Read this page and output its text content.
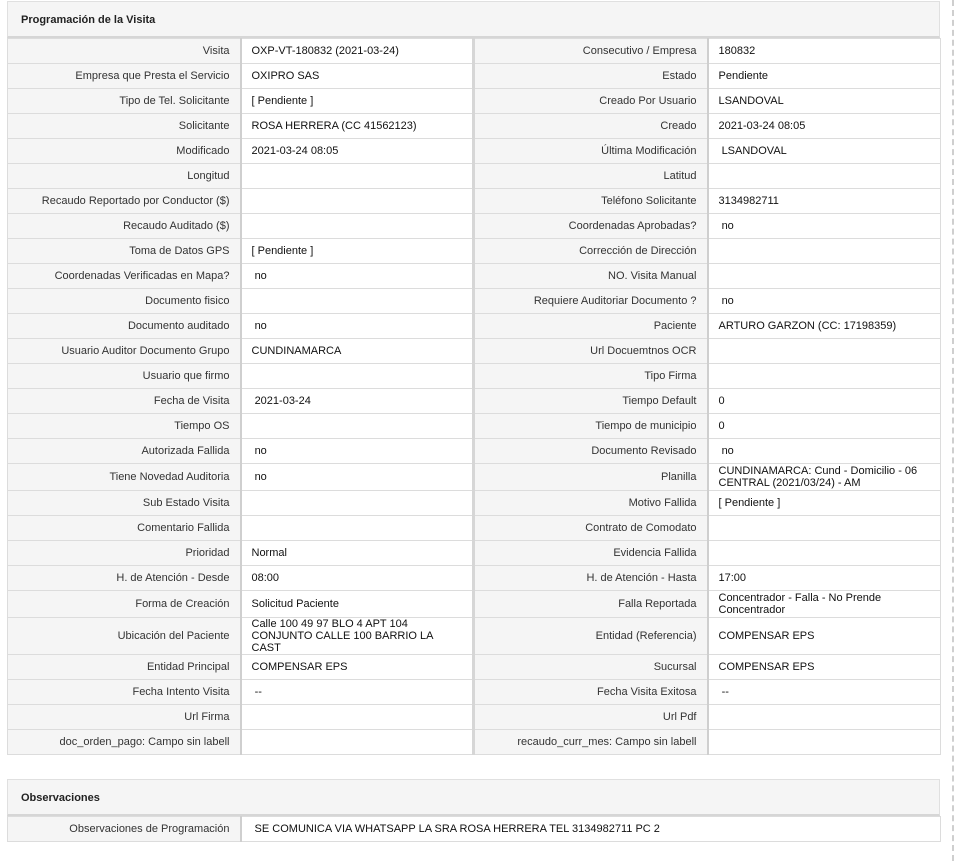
Programación de la Visita
Visita	OXP-VT-180832 (2021-03-24)	Consecutivo / Empresa	180832
Empresa que Presta el Servicio	OXIPRO SAS	Estado	Pendiente
Tipo de Tel. Solicitante	[ Pendiente ]	Creado Por Usuario	LSANDOVAL
Solicitante	ROSA HERRERA (CC 41562123)	Creado	2021-03-24 08:05
Modificado	2021-03-24 08:05	Última Modificación	LSANDOVAL
Longitud		Latitud	
Recaudo Reportado por Conductor ($)		Teléfono Solicitante	3134982711
Recaudo Auditado ($)		Coordenadas Aprobadas?	no
Toma de Datos GPS	[ Pendiente ]	Corrección de Dirección	
Coordenadas Verificadas en Mapa?	no	NO. Visita Manual	
Documento fisico		Requiere Auditoriar Documento ?	no
Documento auditado	no	Paciente	ARTURO GARZON (CC: 17198359)
Usuario Auditor Documento Grupo	CUNDINAMARCA	Url Docuemtnos OCR	
Usuario que firmo		Tipo Firma	
Fecha de Visita	2021-03-24	Tiempo Default	0
Tiempo OS		Tiempo de municipio	0
Autorizada Fallida	no	Documento Revisado	no
Tiene Novedad Auditoria	no	Planilla	CUNDINAMARCA: Cund - Domicilio - 06 CENTRAL (2021/03/24) - AM
Sub Estado Visita		Motivo Fallida	[ Pendiente ]
Comentario Fallida		Contrato de Comodato	
Prioridad	Normal	Evidencia Fallida	
H. de Atención - Desde	08:00	H. de Atención - Hasta	17:00
Forma de Creación	Solicitud Paciente	Falla Reportada	Concentrador - Falla - No Prende Concentrador
Ubicación del Paciente	Calle 100 49 97 BLO 4 APT 104 CONJUNTO CALLE 100 BARRIO LA CAST	Entidad (Referencia)	COMPENSAR EPS
Entidad Principal	COMPENSAR EPS	Sucursal	COMPENSAR EPS
Fecha Intento Visita	--	Fecha Visita Exitosa	--
Url Firma		Url Pdf	
doc_orden_pago: Campo sin labell		recaudo_curr_mes: Campo sin labell	
Observaciones
Observaciones de Programación	SE COMUNICA VIA WHATSAPP LA SRA ROSA HERRERA TEL 3134982711 PC 2
